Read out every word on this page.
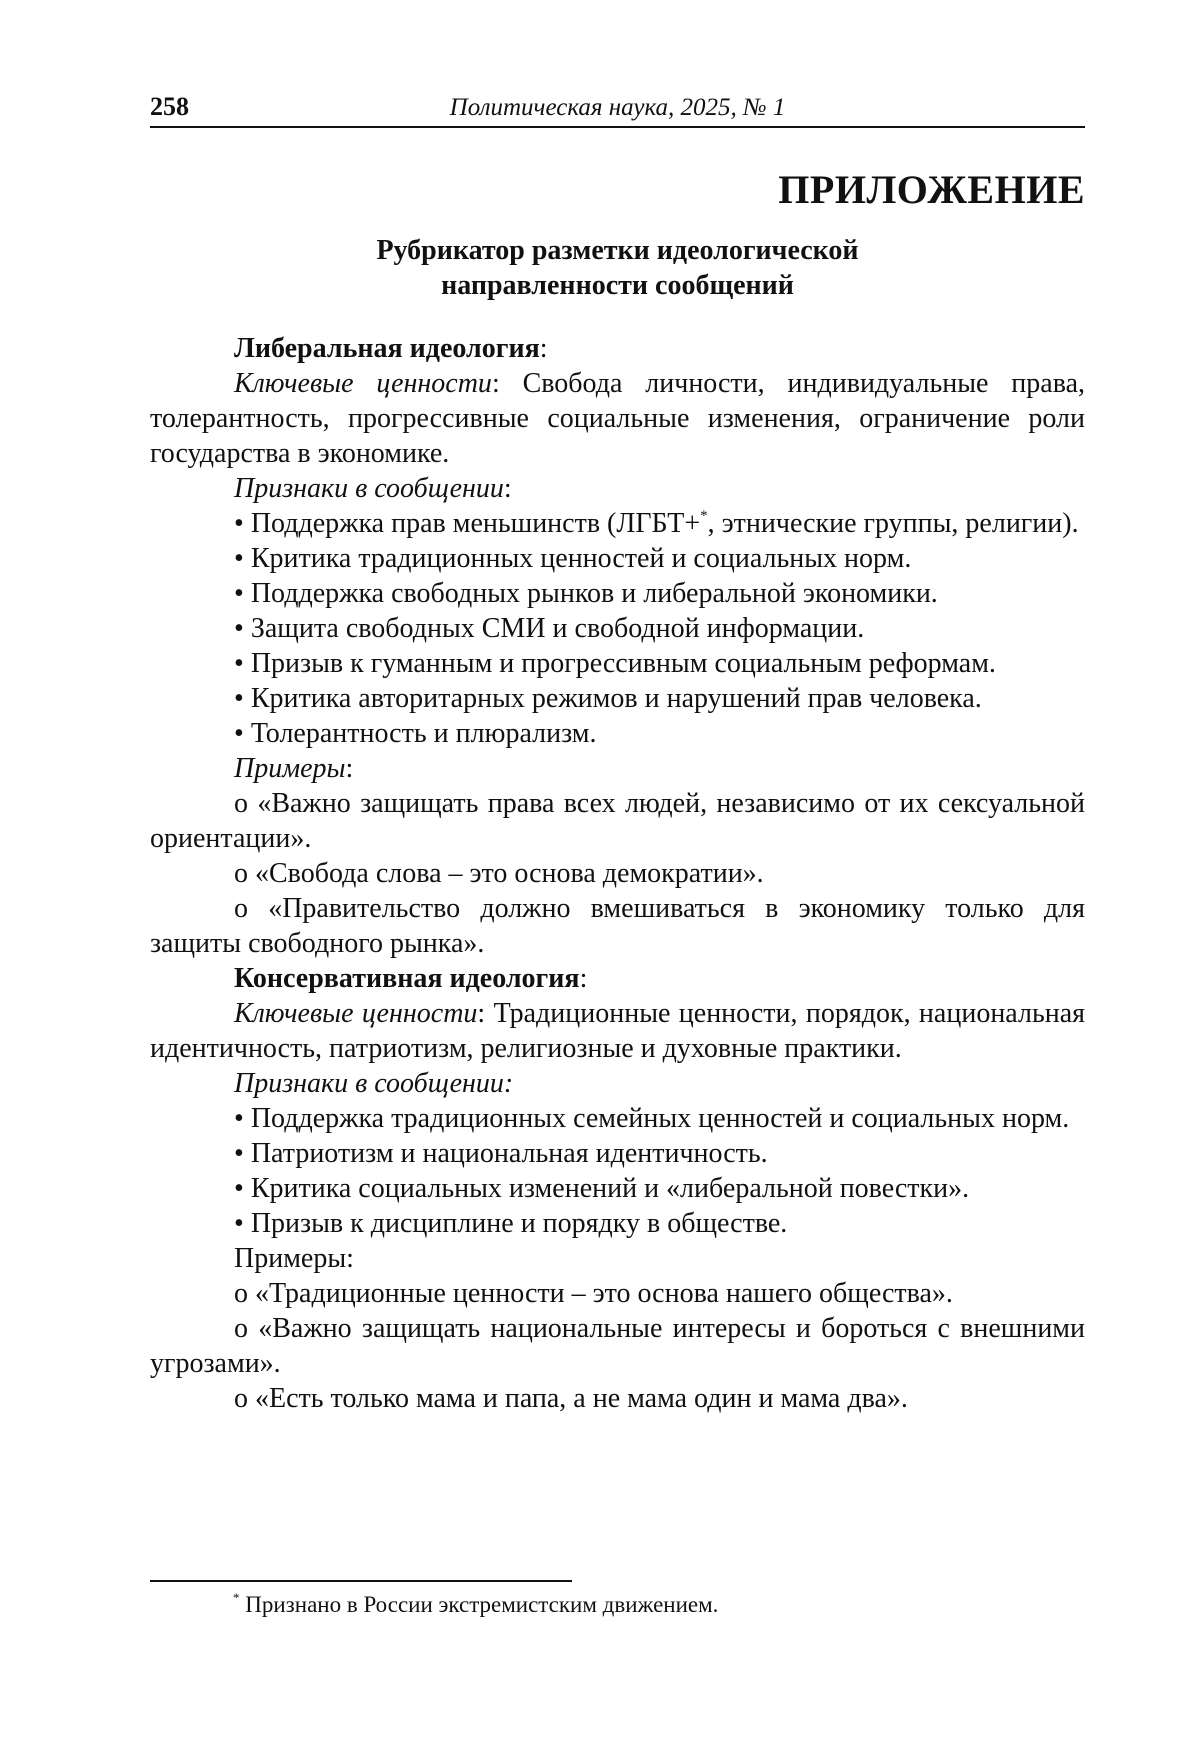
258	Политическая наука, 2025, № 1
ПРИЛОЖЕНИЕ
Рубрикатор разметки идеологической
направленности сообщений

Либеральная идеология:

Ключевые ценности: Свобода личности, индивидуальные права, толерантность, прогрессивные социальные изменения, ограничение роли государства в экономике.

Признаки в сообщении:

• Поддержка прав меньшинств (ЛГБТ+*, этнические группы, религии).

• Критика традиционных ценностей и социальных норм.

• Поддержка свободных рынков и либеральной экономики.

• Защита свободных СМИ и свободной информации.

• Призыв к гуманным и прогрессивным социальным реформам.

• Критика авторитарных режимов и нарушений прав человека.

• Толерантность и плюрализм.

Примеры:

o «Важно защищать права всех людей, независимо от их сексуальной ориентации».

o «Свобода слова – это основа демократии».

o «Правительство должно вмешиваться в экономику только для защиты свободного рынка».

Консервативная идеология:

Ключевые ценности: Традиционные ценности, порядок, национальная идентичность, патриотизм, религиозные и духовные практики.

Признаки в сообщении:

• Поддержка традиционных семейных ценностей и социальных норм.

• Патриотизм и национальная идентичность.

• Критика социальных изменений и «либеральной повестки».

• Призыв к дисциплине и порядку в обществе.

Примеры:

o «Традиционные ценности – это основа нашего общества».

o «Важно защищать национальные интересы и бороться с внешними угрозами».

o «Есть только мама и папа, а не мама один и мама два».

* Признано в России экстремистским движением.
